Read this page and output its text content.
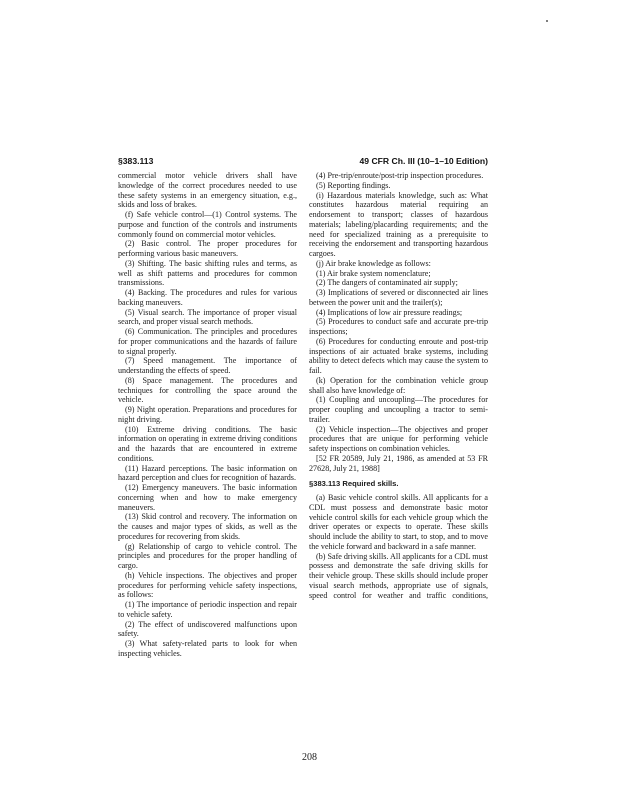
§383.113	49 CFR Ch. III (10–1–10 Edition)

commercial motor vehicle drivers shall have knowledge of the correct procedures needed to use these safety systems in an emergency situation, e.g., skids and loss of brakes.

(f) Safe vehicle control—(1) Control systems. The purpose and function of the controls and instruments commonly found on commercial motor vehicles.

(2) Basic control. The proper procedures for performing various basic maneuvers.

(3) Shifting. The basic shifting rules and terms, as well as shift patterns and procedures for common transmissions.

(4) Backing. The procedures and rules for various backing maneuvers.

(5) Visual search. The importance of proper visual search, and proper visual search methods.

(6) Communication. The principles and procedures for proper communications and the hazards of failure to signal properly.

(7) Speed management. The importance of understanding the effects of speed.

(8) Space management. The procedures and techniques for controlling the space around the vehicle.

(9) Night operation. Preparations and procedures for night driving.

(10) Extreme driving conditions. The basic information on operating in extreme driving conditions and the hazards that are encountered in extreme conditions.

(11) Hazard perceptions. The basic information on hazard perception and clues for recognition of hazards.

(12) Emergency maneuvers. The basic information concerning when and how to make emergency maneuvers.

(13) Skid control and recovery. The information on the causes and major types of skids, as well as the procedures for recovering from skids.

(g) Relationship of cargo to vehicle control. The principles and procedures for the proper handling of cargo.

(h) Vehicle inspections. The objectives and proper procedures for performing vehicle safety inspections, as follows:

(1) The importance of periodic inspection and repair to vehicle safety.

(2) The effect of undiscovered malfunctions upon safety.

(3) What safety-related parts to look for when inspecting vehicles.

(4) Pre-trip/enroute/post-trip inspection procedures.

(5) Reporting findings.

(i) Hazardous materials knowledge, such as: What constitutes hazardous material requiring an endorsement to transport; classes of hazardous materials; labeling/placarding requirements; and the need for specialized training as a prerequisite to receiving the endorsement and transporting hazardous cargoes.

(j) Air brake knowledge as follows:

(1) Air brake system nomenclature;

(2) The dangers of contaminated air supply;

(3) Implications of severed or disconnected air lines between the power unit and the trailer(s);

(4) Implications of low air pressure readings;

(5) Procedures to conduct safe and accurate pre-trip inspections;

(6) Procedures for conducting enroute and post-trip inspections of air actuated brake systems, including ability to detect defects which may cause the system to fail.

(k) Operation for the combination vehicle group shall also have knowledge of:

(1) Coupling and uncoupling—The procedures for proper coupling and uncoupling a tractor to semi-trailer.

(2) Vehicle inspection—The objectives and proper procedures that are unique for performing vehicle safety inspections on combination vehicles.

[52 FR 20589, July 21, 1986, as amended at 53 FR 27628, July 21, 1988]

§383.113 Required skills.

(a) Basic vehicle control skills. All applicants for a CDL must possess and demonstrate basic motor vehicle control skills for each vehicle group which the driver operates or expects to operate. These skills should include the ability to start, to stop, and to move the vehicle forward and backward in a safe manner.

(b) Safe driving skills. All applicants for a CDL must possess and demonstrate the safe driving skills for their vehicle group. These skills should include proper visual search methods, appropriate use of signals, speed control for weather and traffic conditions,

208
